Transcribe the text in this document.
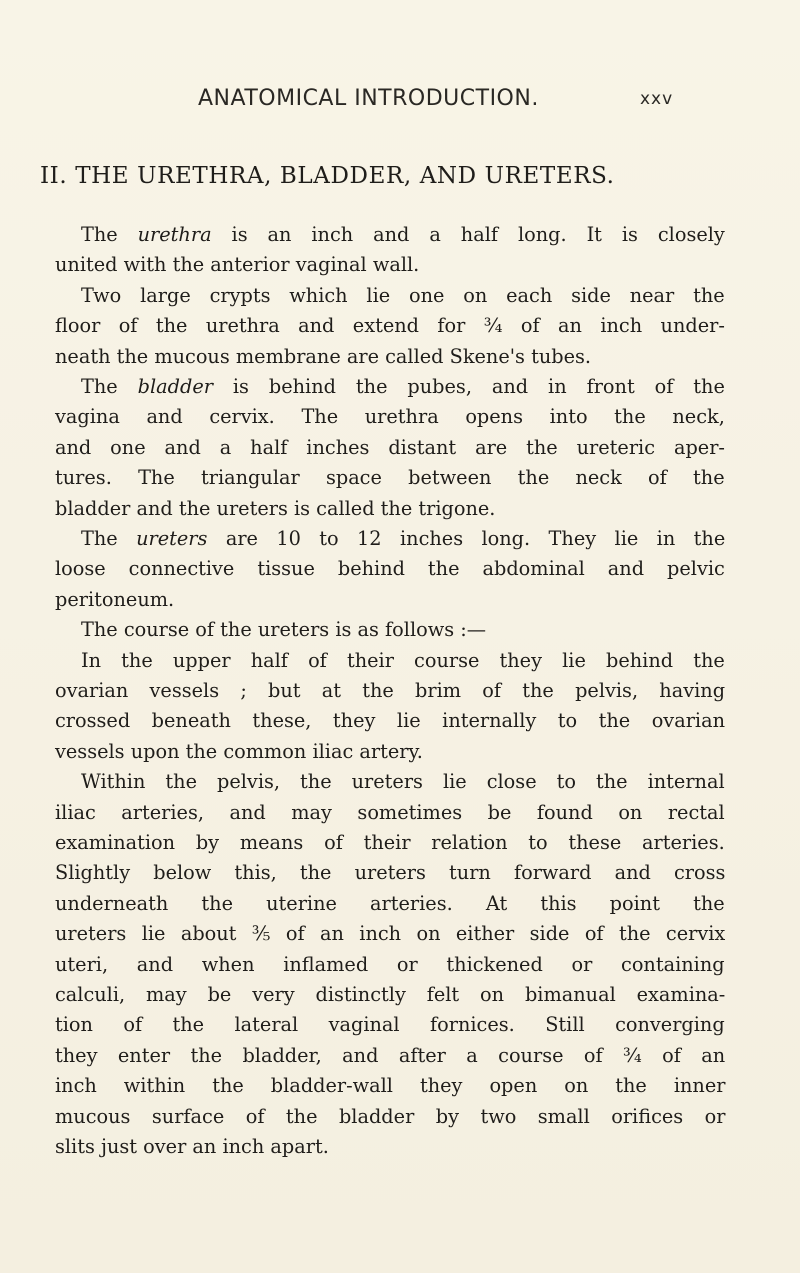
ANATOMICAL INTRODUCTION.	xxv
II. THE URETHRA, BLADDER, AND URETERS.
The urethra is an inch and a half long. It is closely
united with the anterior vaginal wall.
Two large crypts which lie one on each side near the
floor of the urethra and extend for ¾ of an inch under-
neath the mucous membrane are called Skene's tubes.
The bladder is behind the pubes, and in front of the
vagina and cervix. The urethra opens into the neck,
and one and a half inches distant are the ureteric aper-
tures. The triangular space between the neck of the
bladder and the ureters is called the trigone.
The ureters are 10 to 12 inches long. They lie in the
loose connective tissue behind the abdominal and pelvic
peritoneum.
The course of the ureters is as follows :—
In the upper half of their course they lie behind the
ovarian vessels ; but at the brim of the pelvis, having
crossed beneath these, they lie internally to the ovarian
vessels upon the common iliac artery.
Within the pelvis, the ureters lie close to the internal
iliac arteries, and may sometimes be found on rectal
examination by means of their relation to these arteries.
Slightly below this, the ureters turn forward and cross
underneath the uterine arteries. At this point the
ureters lie about ⅗ of an inch on either side of the cervix
uteri, and when inflamed or thickened or containing
calculi, may be very distinctly felt on bimanual examina-
tion of the lateral vaginal fornices. Still converging
they enter the bladder, and after a course of ¾ of an
inch within the bladder-wall they open on the inner
mucous surface of the bladder by two small orifices or
slits just over an inch apart.
